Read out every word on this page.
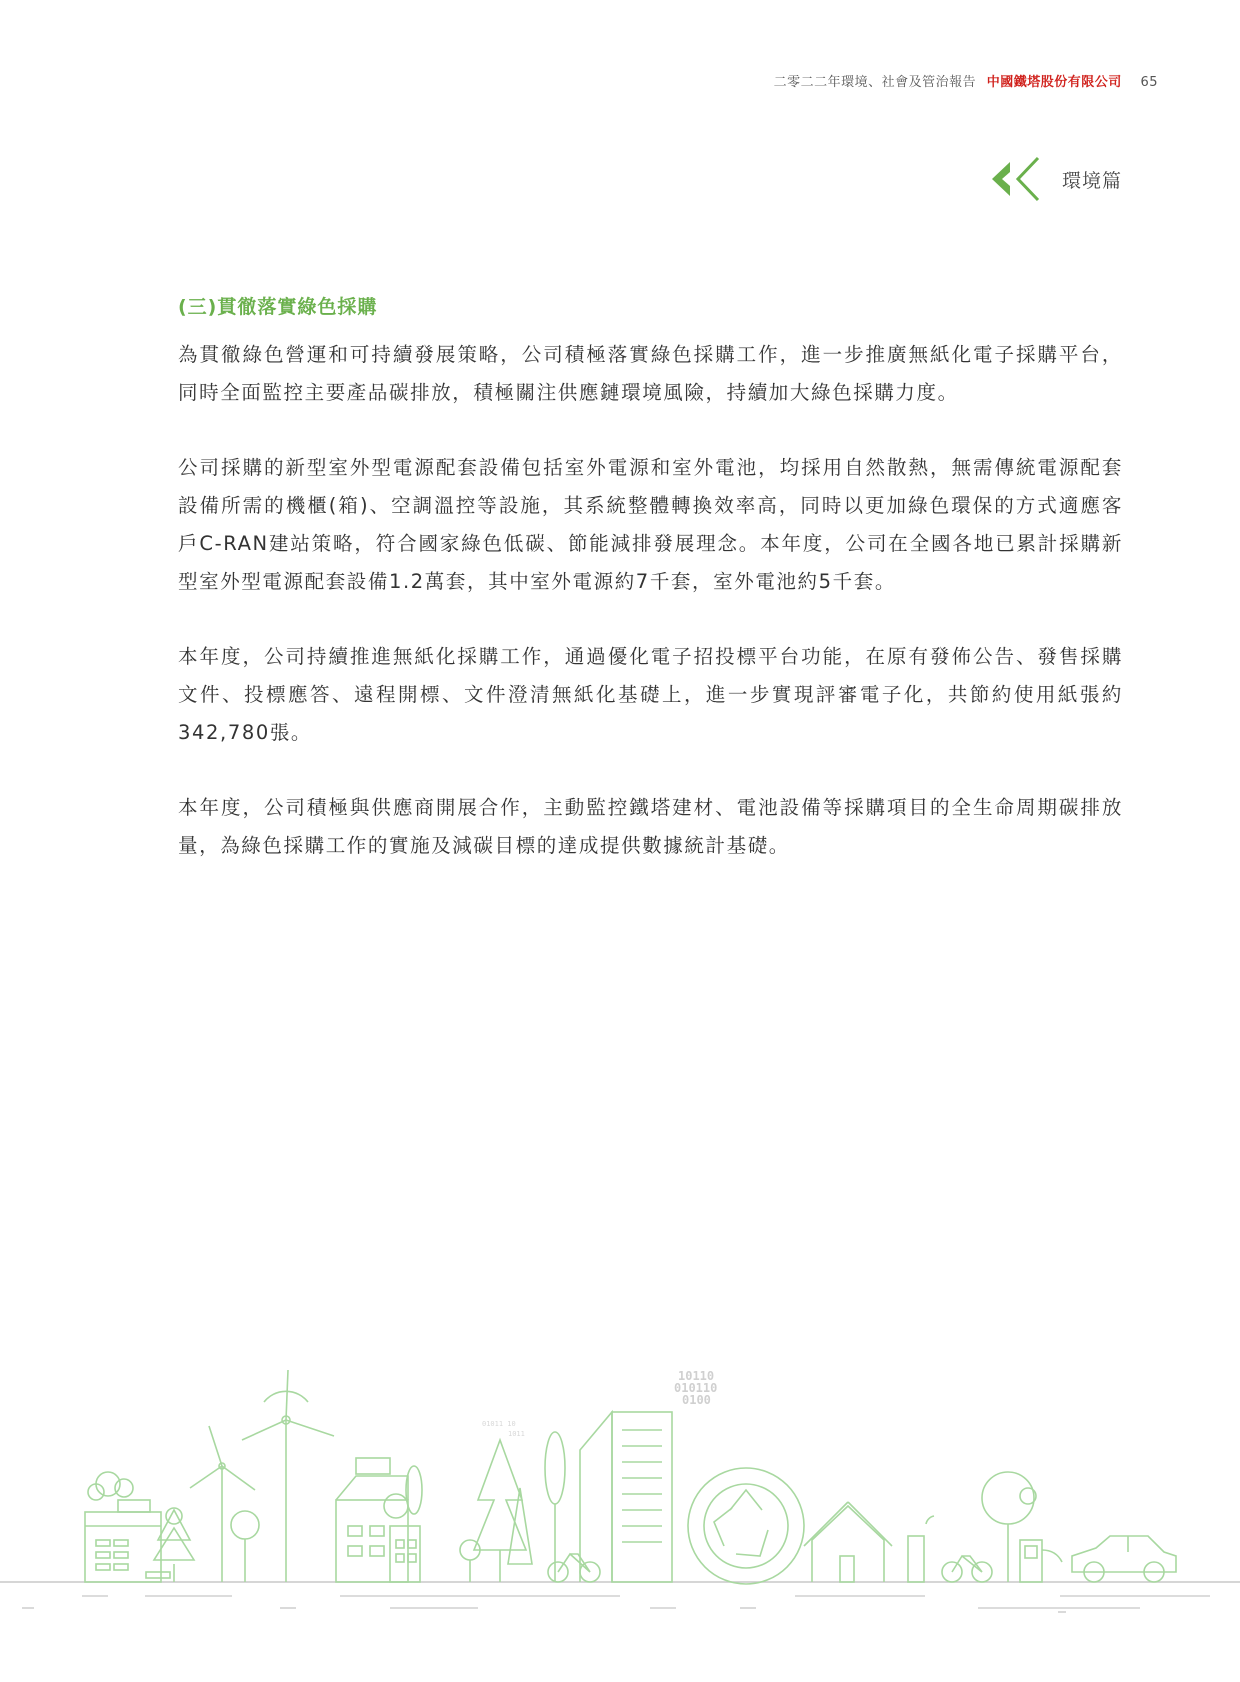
二零二二年環境、社會及管治報告 中國鐵塔股份有限公司 65
環境篇
(三)貫徹落實綠色採購

為貫徹綠色營運和可持續發展策略，公司積極落實綠色採購工作，進一步推廣無紙化電子採購平台，同時全面監控主要產品碳排放，積極關注供應鏈環境風險，持續加大綠色採購力度。

公司採購的新型室外型電源配套設備包括室外電源和室外電池，均採用自然散熱，無需傳統電源配套設備所需的機櫃(箱)、空調溫控等設施，其系統整體轉換效率高，同時以更加綠色環保的方式適應客戶C-RAN建站策略，符合國家綠色低碳、節能減排發展理念。本年度，公司在全國各地已累計採購新型室外型電源配套設備1.2萬套，其中室外電源約7千套，室外電池約5千套。

本年度，公司持續推進無紙化採購工作，通過優化電子招投標平台功能，在原有發佈公告、發售採購文件、投標應答、遠程開標、文件澄清無紙化基礎上，進一步實現評審電子化，共節約使用紙張約342,780張。

本年度，公司積極與供應商開展合作，主動監控鐵塔建材、電池設備等採購項目的全生命周期碳排放量，為綠色採購工作的實施及減碳目標的達成提供數據統計基礎。

10110
010110
0100
01011 10
1011
